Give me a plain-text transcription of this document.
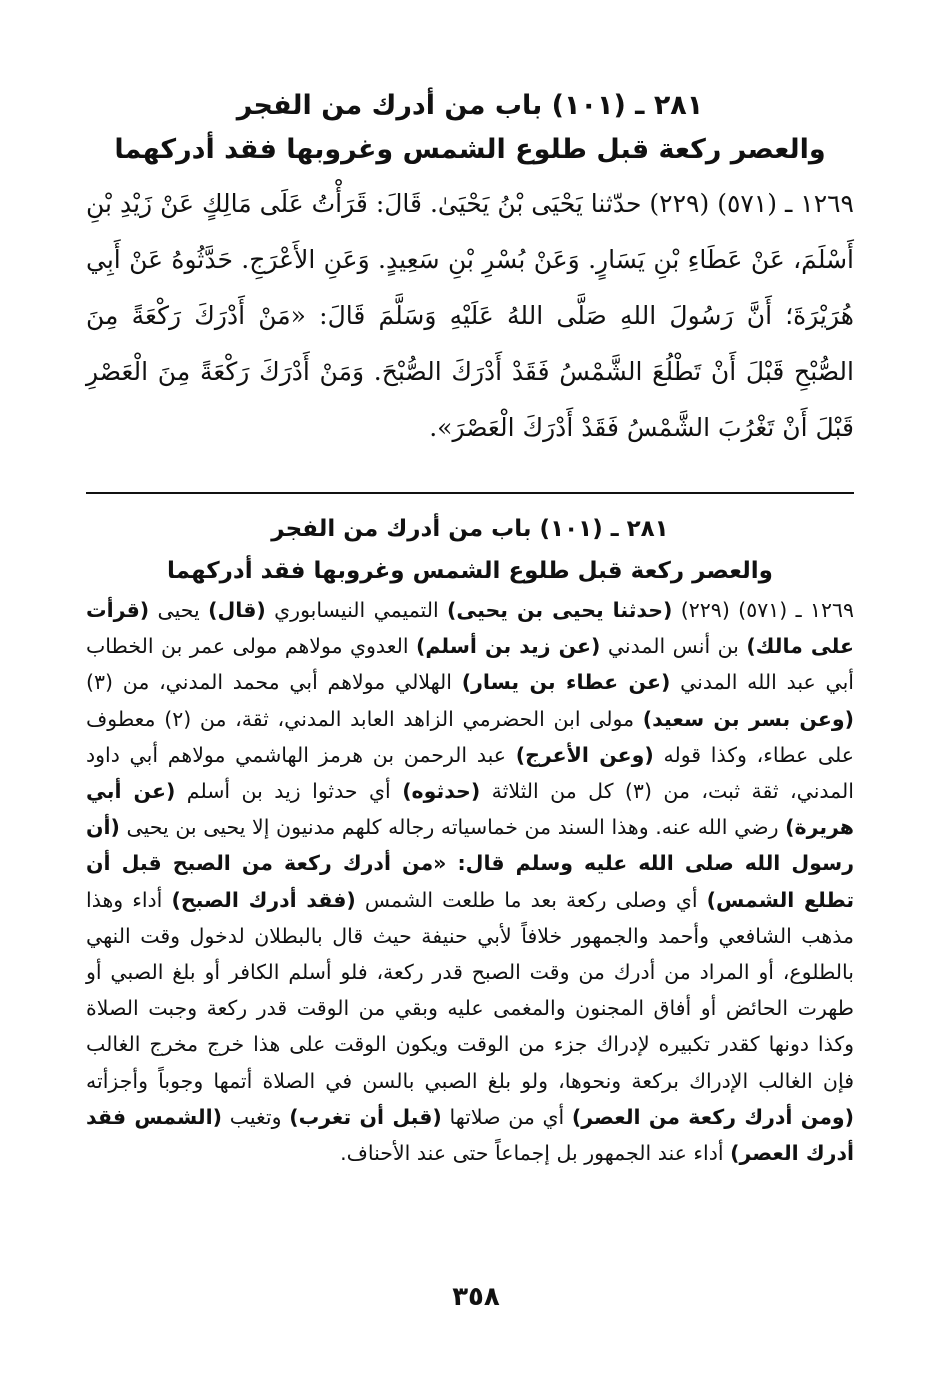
٢٨١ ـ (١٠١) باب من أدرك من الفجر
والعصر ركعة قبل طلوع الشمس وغروبها فقد أدركهما

١٢٦٩ ـ (٥٧١) (٢٢٩) حدّثنا يَحْيَى بْنُ يَحْيَىٰ. قَالَ: قَرَأْتُ عَلَى مَالِكٍ عَنْ زَيْدِ بْنِ أَسْلَمَ، عَنْ عَطَاءِ بْنِ يَسَارٍ. وَعَنْ بُسْرِ بْنِ سَعِيدٍ. وَعَنِ الأَعْرَجِ. حَدَّثُوهُ عَنْ أَبِي هُرَيْرَةَ؛ أَنَّ رَسُولَ اللهِ صَلَّى اللهُ عَلَيْهِ وَسَلَّمَ قَالَ: «مَنْ أَدْرَكَ رَكْعَةً مِنَ الصُّبْحِ قَبْلَ أَنْ تَطْلُعَ الشَّمْسُ فَقَدْ أَدْرَكَ الصُّبْحَ. وَمَنْ أَدْرَكَ رَكْعَةً مِنَ الْعَصْرِ قَبْلَ أَنْ تَغْرُبَ الشَّمْسُ فَقَدْ أَدْرَكَ الْعَصْرَ».

٢٨١ ـ (١٠١) باب من أدرك من الفجر
والعصر ركعة قبل طلوع الشمس وغروبها فقد أدركهما

١٢٦٩ ـ (٥٧١) (٢٢٩) (حدثنا يحيى بن يحيى) التميمي النيسابوري (قال) يحيى (قرأت على مالك) بن أنس المدني (عن زيد بن أسلم) العدوي مولاهم مولى عمر بن الخطاب أبي عبد الله المدني (عن عطاء بن يسار) الهلالي مولاهم أبي محمد المدني، من (٣) (وعن بسر بن سعيد) مولى ابن الحضرمي الزاهد العابد المدني، ثقة، من (٢) معطوف على عطاء، وكذا قوله (وعن الأعرج) عبد الرحمن بن هرمز الهاشمي مولاهم أبي داود المدني، ثقة ثبت، من (٣) كل من الثلاثة (حدثوه) أي حدثوا زيد بن أسلم (عن أبي هريرة) رضي الله عنه. وهذا السند من خماسياته رجاله كلهم مدنيون إلا يحيى بن يحيى (أن رسول الله صلى الله عليه وسلم قال: «من أدرك ركعة من الصبح قبل أن تطلع الشمس) أي وصلى ركعة بعد ما طلعت الشمس (فقد أدرك الصبح) أداء وهذا مذهب الشافعي وأحمد والجمهور خلافاً لأبي حنيفة حيث قال بالبطلان لدخول وقت النهي بالطلوع، أو المراد من أدرك من وقت الصبح قدر ركعة، فلو أسلم الكافر أو بلغ الصبي أو طهرت الحائض أو أفاق المجنون والمغمى عليه وبقي من الوقت قدر ركعة وجبت الصلاة وكذا دونها كقدر تكبيره لإدراك جزء من الوقت ويكون الوقت على هذا خرج مخرج الغالب فإن الغالب الإدراك بركعة ونحوها، ولو بلغ الصبي بالسن في الصلاة أتمها وجوباً وأجزأته (ومن أدرك ركعة من العصر) أي من صلاتها (قبل أن تغرب) وتغيب (الشمس فقد أدرك العصر) أداء عند الجمهور بل إجماعاً حتى عند الأحناف.

٣٥٨
